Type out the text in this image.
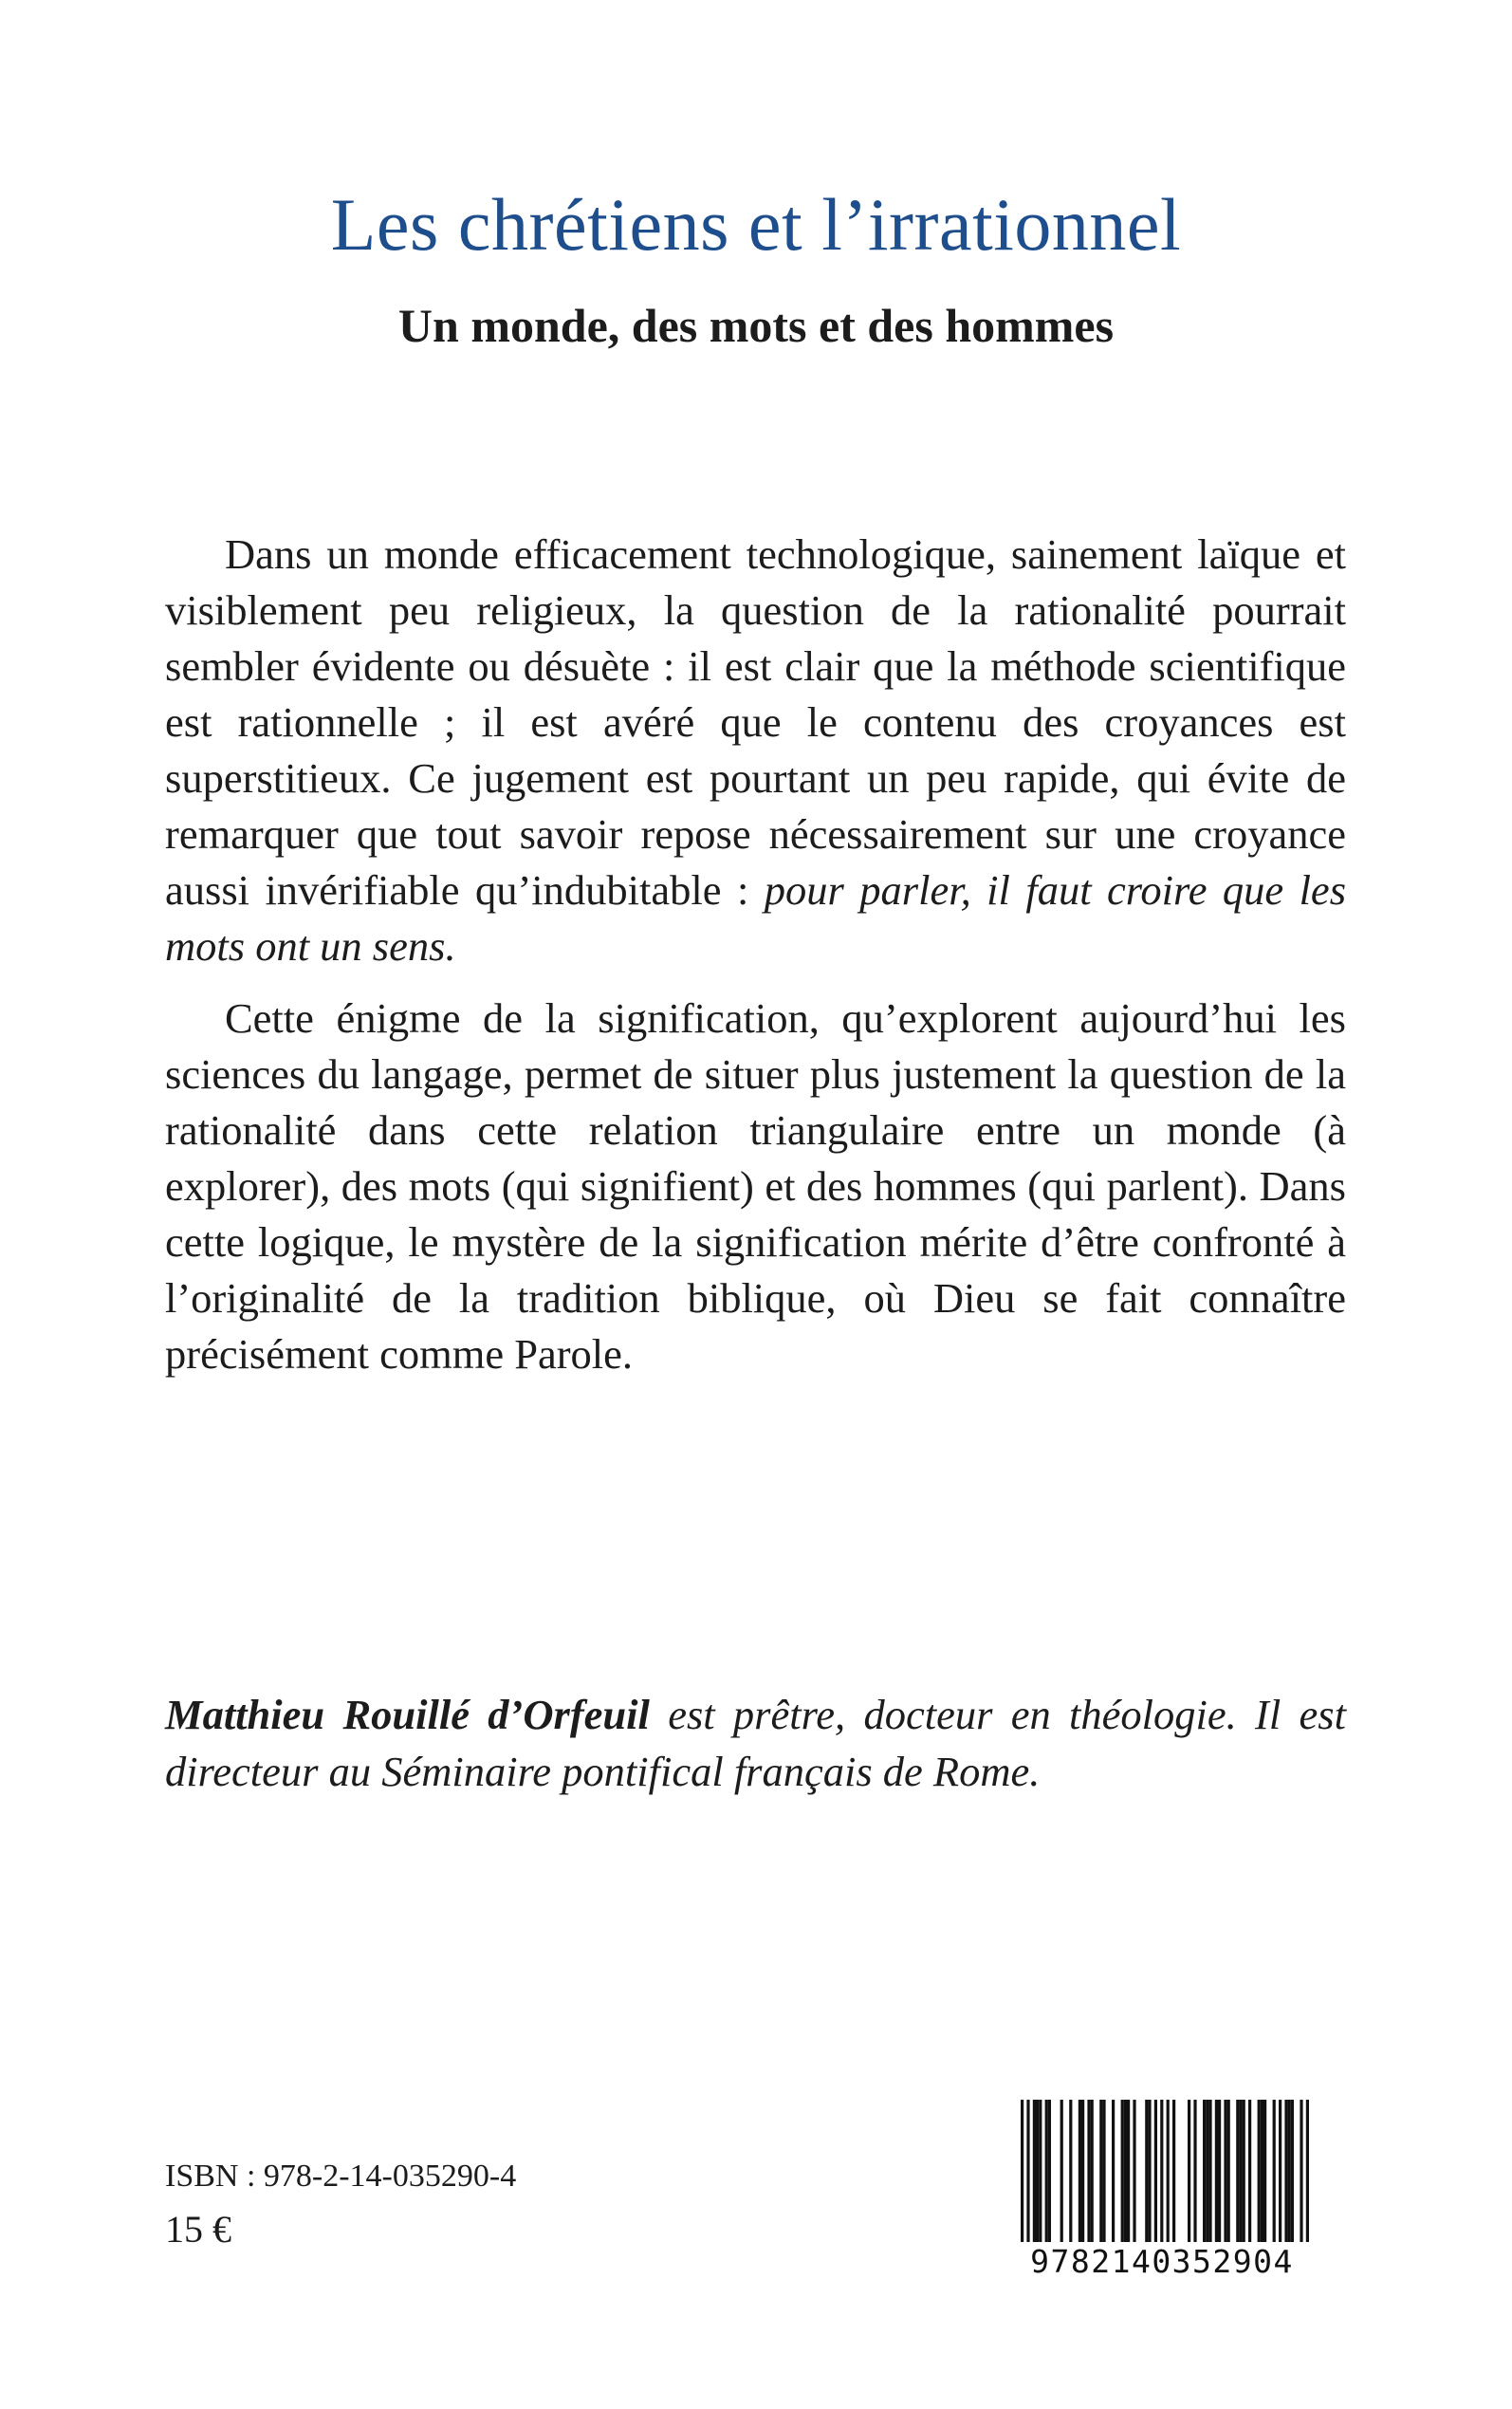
Les chrétiens et l’irrationnel
Un monde, des mots et des hommes

Dans un monde efficacement technologique, sainement laïque et visiblement peu religieux, la question de la rationalité pourrait sembler évidente ou désuète : il est clair que la méthode scientifique est rationnelle ; il est avéré que le contenu des croyances est superstitieux. Ce jugement est pourtant un peu rapide, qui évite de remarquer que tout savoir repose nécessairement sur une croyance aussi invérifiable qu’indubitable : pour parler, il faut croire que les mots ont un sens.

Cette énigme de la signification, qu’explorent aujourd’hui les sciences du langage, permet de situer plus justement la question de la rationalité dans cette relation triangulaire entre un monde (à explorer), des mots (qui signifient) et des hommes (qui parlent). Dans cette logique, le mystère de la signification mérite d’être confronté à l’originalité de la tradition biblique, où Dieu se fait connaître précisément comme Parole.

Matthieu Rouillé d’Orfeuil est prêtre, docteur en théologie. Il est directeur au Séminaire pontifical français de Rome.
ISBN : 978-2-14-035290-4
15 €
9782140352904
